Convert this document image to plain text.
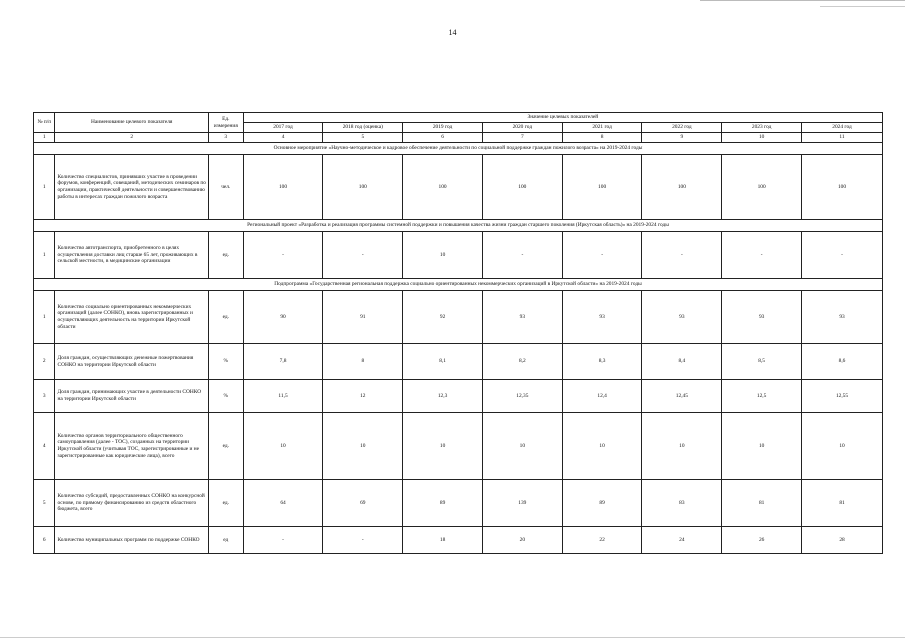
14
№ п/п	Наименование целевого показателя	Ед. измерения	Значение целевых показателей							
			2017 год	2018 год (оценка)	2019 год	2020 год	2021 год	2022 год	2023 год	2024 год
1	2	3	4	5	6	7	8	9	10	11
Основное мероприятие «Научно-методическое и кадровое обеспечение деятельности по социальной поддержке граждан пожилого возраста» на 2019-2024 годы										
1	Количество специалистов, принявших участие в проведении форумов, конференций, совещаний, методических семинаров по организации, практической деятельности и совершенствованию работы в интересах граждан пожилого возраста	чел.	100	100	100	100	100	100	100	100
Региональный проект «Разработка и реализация программы системной поддержки и повышения качества жизни граждан старшего поколения (Иркутская область)» на 2019-2024 годы										
1	Количество автотранспорта, приобретенного в целях осуществления доставки лиц старше 65 лет, проживающих в сельской местности, в медицинские организации	ед.	-	-	10	-	-	-	-	-
Подпрограмма «Государственная региональная поддержка социально ориентированных некоммерческих организаций в Иркутской области» на 2019-2024 годы										
1	Количество социально ориентированных некоммерческих организаций (далее СОНКО), вновь зарегистрированных и осуществляющих деятельность на территории Иркутской области	ед.	90	91	92	93	93	93	93	93
2	Доля граждан, осуществляющих денежные пожертвования СОНКО на территории Иркутской области	%	7,8	8	8,1	8,2	8,3	8,4	8,5	8,6
3	Доля граждан, принимающих участие в деятельности СОНКО на территории Иркутской области	%	11,5	12	12,3	12,35	12,4	12,45	12,5	12,55
4	Количество органов территориального общественного самоуправления (далее - ТОС), созданных на территории Иркутской области (учитывая ТОС, зарегистрированные и не зарегистрированные как юридические лица), всего	ед.	10	10	10	10	10	10	10	10
5	Количество субсидий, предоставленных СОНКО на конкурсной основе, по прямому финансированию из средств областного бюджета, всего	ед.	64	69	89	139	89	83	81	81
6	Количество муниципальных программ по поддержке СОНКО	ед	-	-	18	20	22	24	26	28
